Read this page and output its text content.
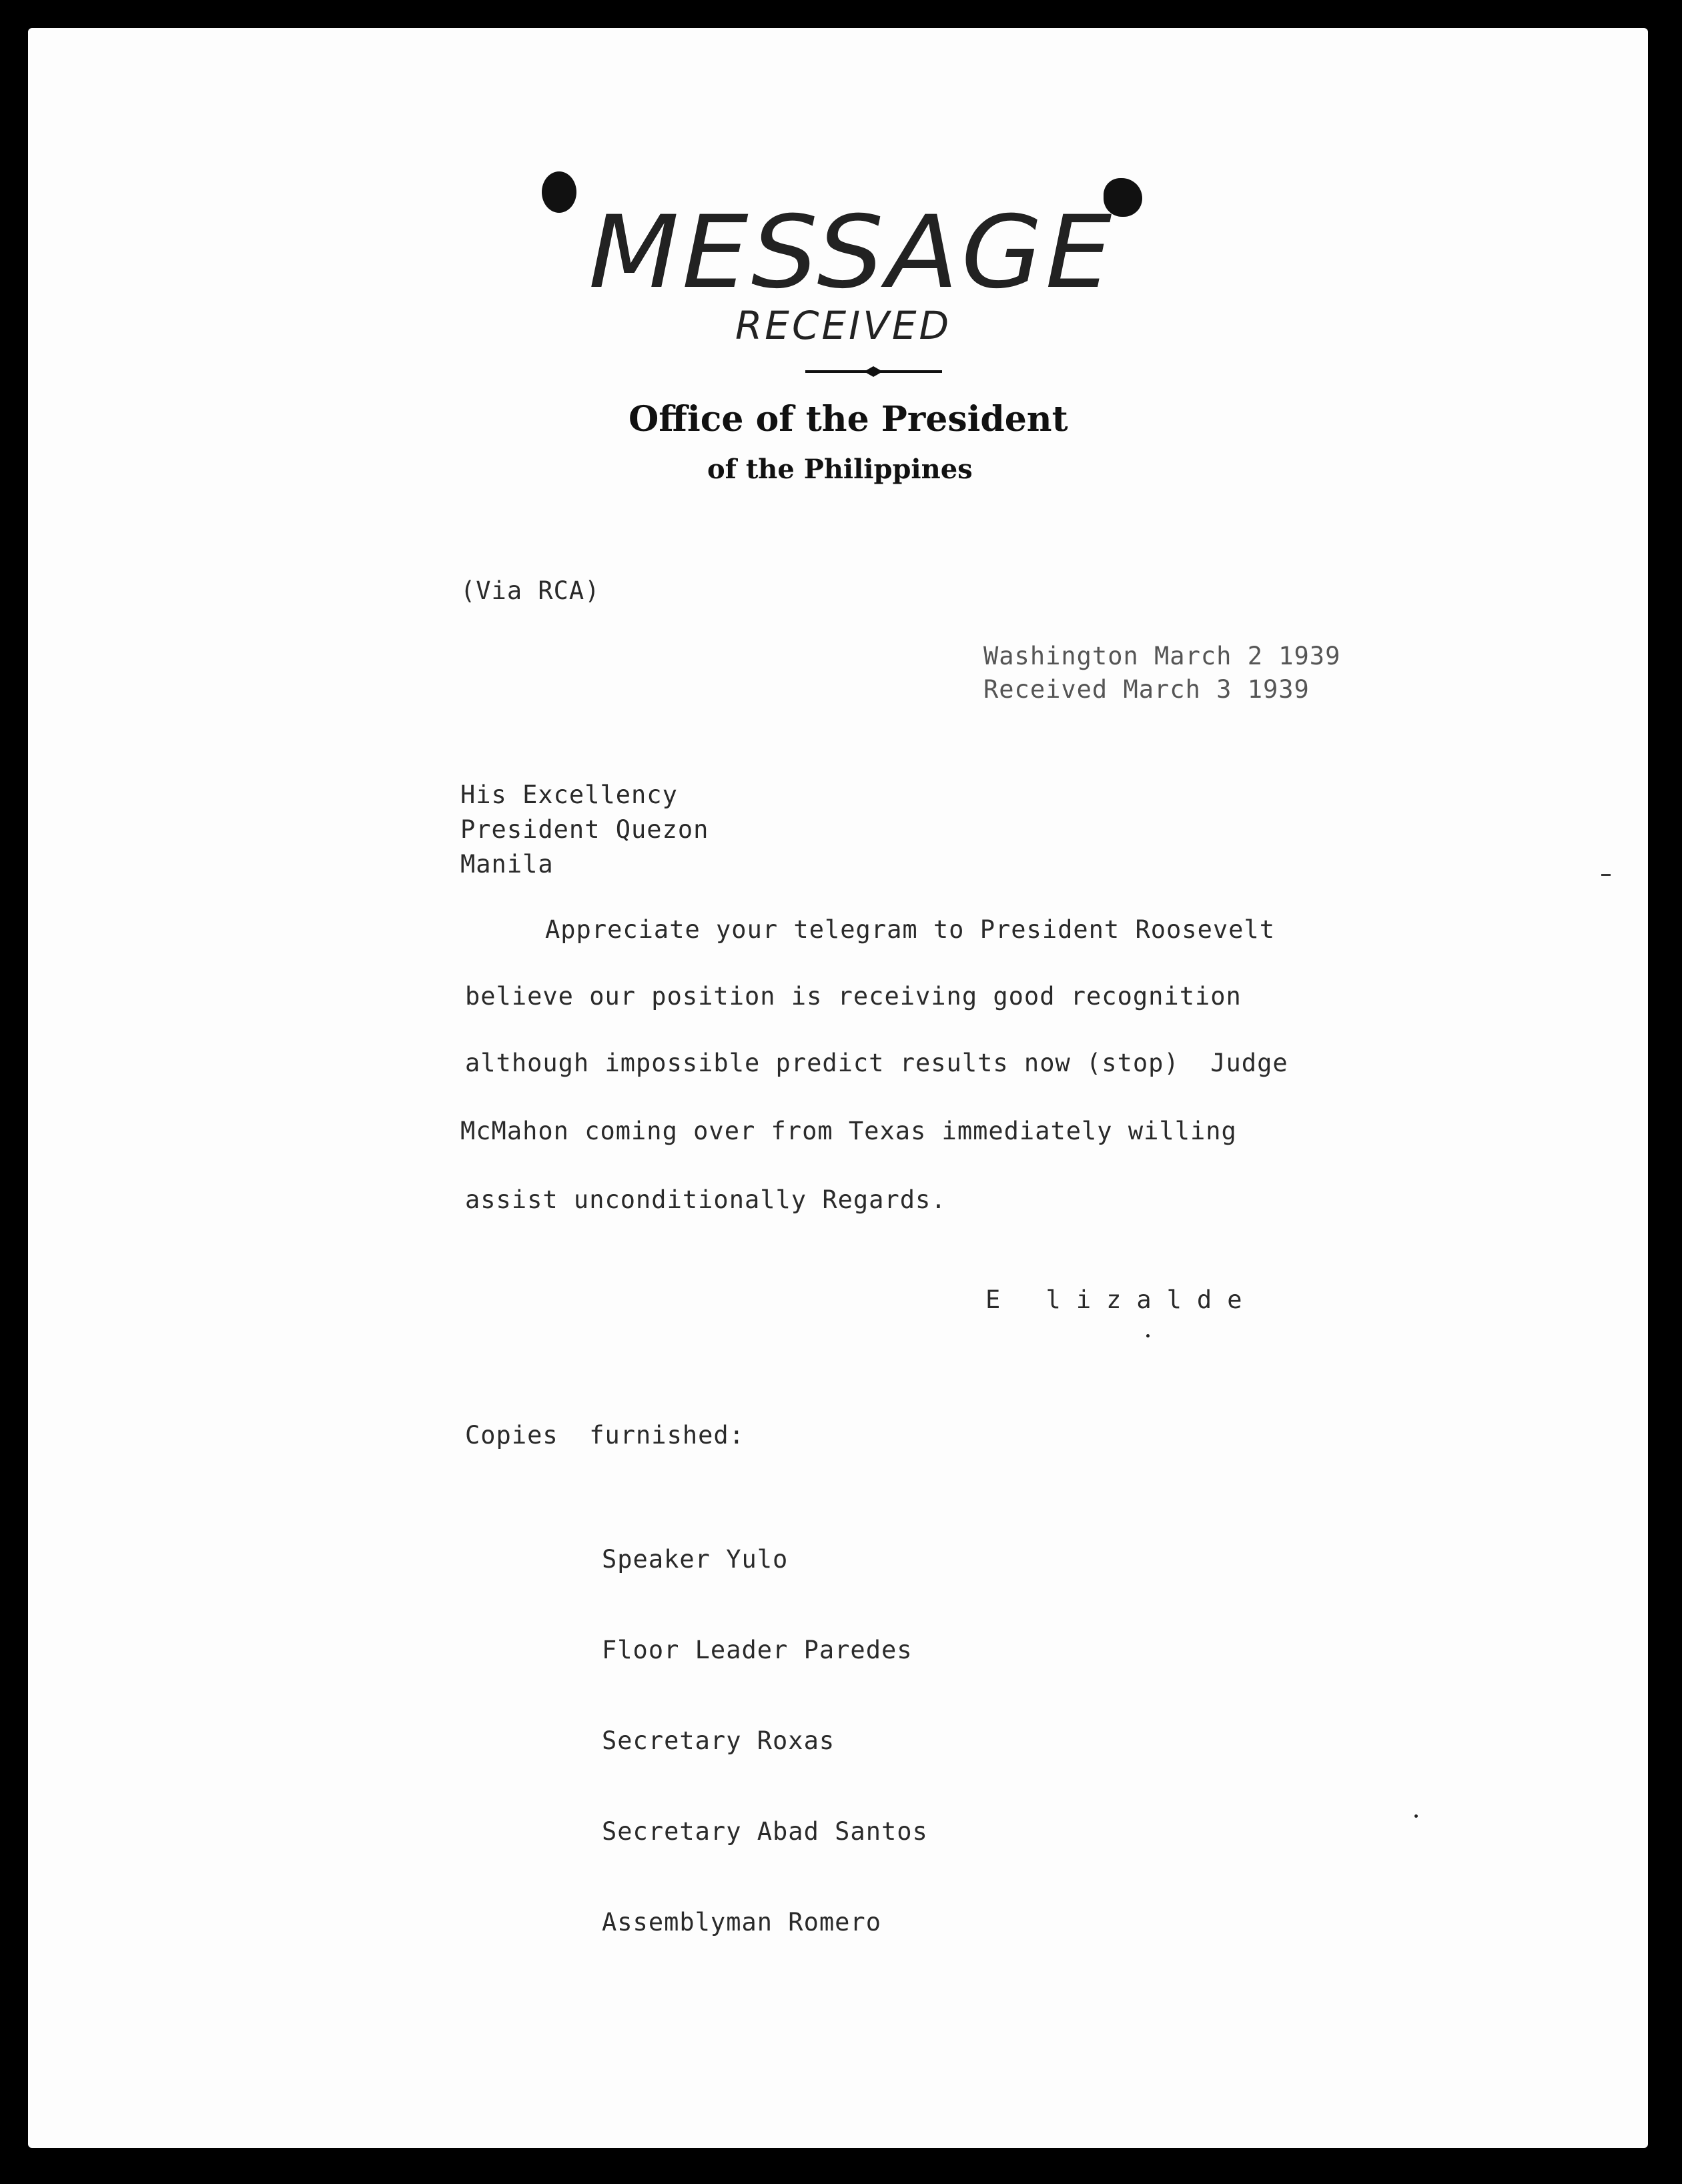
MESSAGE
RECEIVED
Office of the President
of the Philippines
(Via RCA)
Washington March 2 1939
Received March 3 1939
His Excellency
President Quezon
Manila
Appreciate your telegram to President Roosevelt
believe our position is receiving good recognition
although impossible predict results now (stop)  Judge
McMahon coming over from Texas immediately willing
assist unconditionally Regards.
E lizalde
Copies  furnished:

Speaker Yulo

Floor Leader Paredes

Secretary Roxas

Secretary Abad Santos

Assemblyman Romero
